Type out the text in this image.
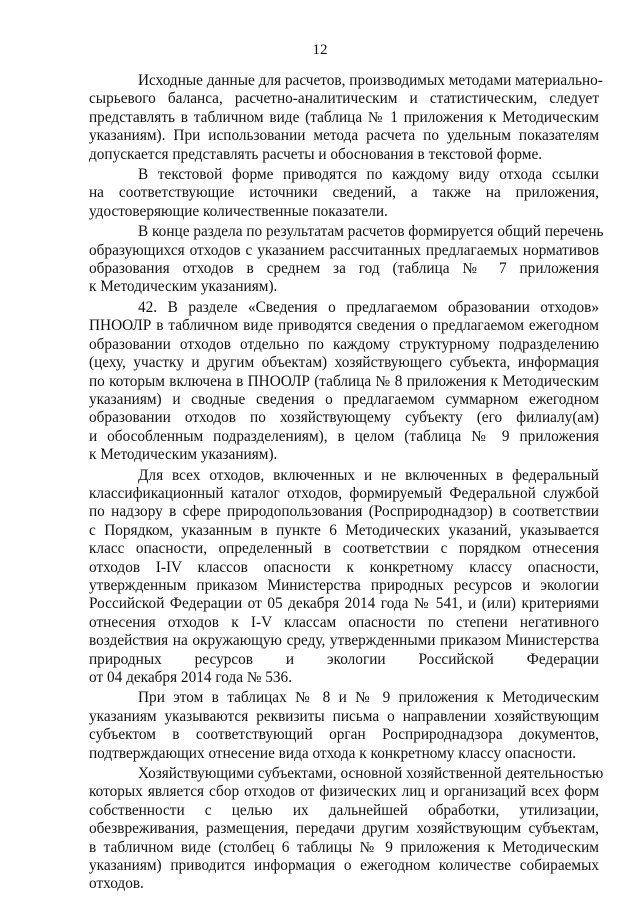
12
Исходные данные для расчетов, производимых методами материально-
сырьевого баланса, расчетно-аналитическим и статистическим, следует
представлять в табличном виде (таблица № 1 приложения к Методическим
указаниям). При использовании метода расчета по удельным показателям
допускается представлять расчеты и обоснования в текстовой форме.
В текстовой форме приводятся по каждому виду отхода ссылки
на соответствующие источники сведений, а также на приложения,
удостоверяющие количественные показатели.
В конце раздела по результатам расчетов формируется общий перечень
образующихся отходов с указанием рассчитанных предлагаемых нормативов
образования отходов в среднем за год (таблица № 7 приложения
к Методическим указаниям).
42. В разделе «Сведения о предлагаемом образовании отходов»
ПНООЛР в табличном виде приводятся сведения о предлагаемом ежегодном
образовании отходов отдельно по каждому структурному подразделению
(цеху, участку и другим объектам) хозяйствующего субъекта, информация
по которым включена в ПНООЛР (таблица № 8 приложения к Методическим
указаниям) и сводные сведения о предлагаемом суммарном ежегодном
образовании отходов по хозяйствующему субъекту (его филиалу(ам)
и обособленным подразделениям), в целом (таблица № 9 приложения
к Методическим указаниям).
Для всех отходов, включенных и не включенных в федеральный
классификационный каталог отходов, формируемый Федеральной службой
по надзору в сфере природопользования (Росприроднадзор) в соответствии
с Порядком, указанным в пункте 6 Методических указаний, указывается
класс опасности, определенный в соответствии с порядком отнесения
отходов I-IV классов опасности к конкретному классу опасности,
утвержденным приказом Министерства природных ресурсов и экологии
Российской Федерации от 05 декабря 2014 года № 541, и (или) критериями
отнесения отходов к I-V классам опасности по степени негативного
воздействия на окружающую среду, утвержденными приказом Министерства
природных ресурсов и экологии Российской Федерации
от 04 декабря 2014 года № 536.
При этом в таблицах № 8 и № 9 приложения к Методическим
указаниям указываются реквизиты письма о направлении хозяйствующим
субъектом в соответствующий орган Росприроднадзора документов,
подтверждающих отнесение вида отхода к конкретному классу опасности.
Хозяйствующими субъектами, основной хозяйственной деятельностью
которых является сбор отходов от физических лиц и организаций всех форм
собственности с целью их дальнейшей обработки, утилизации,
обезвреживания, размещения, передачи другим хозяйствующим субъектам,
в табличном виде (столбец 6 таблицы № 9 приложения к Методическим
указаниям) приводится информация о ежегодном количестве собираемых
отходов.
